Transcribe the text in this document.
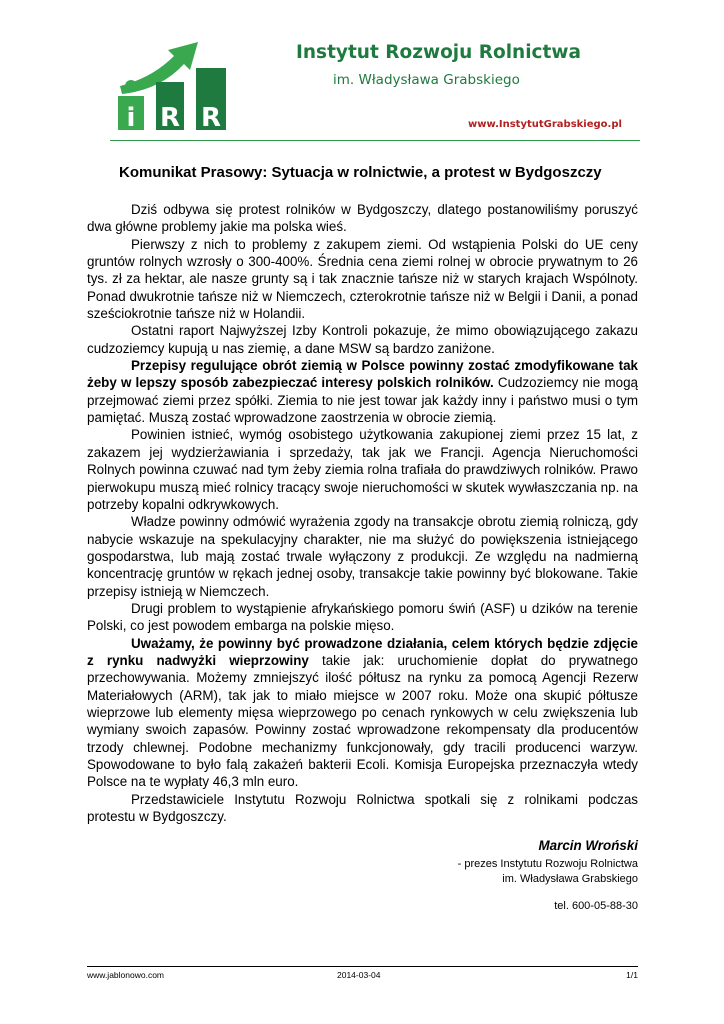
i R R
Instytut Rozwoju Rolnictwa
im. Władysława Grabskiego
www.InstytutGrabskiego.pl
Komunikat Prasowy: Sytuacja w rolnictwie, a protest w Bydgoszczy

Dziś odbywa się protest rolników w Bydgoszczy, dlatego postanowiliśmy poruszyć dwa główne problemy jakie ma polska wieś.

Pierwszy z nich to problemy z zakupem ziemi. Od wstąpienia Polski do UE ceny gruntów rolnych wzrosły o 300-400%. Średnia cena ziemi rolnej w obrocie prywatnym to 26 tys. zł za hektar, ale nasze grunty są i tak znacznie tańsze niż w starych krajach Wspólnoty. Ponad dwukrotnie tańsze niż w Niemczech, czterokrotnie tańsze niż w Belgii i Danii, a ponad sześciokrotnie tańsze niż w Holandii.

Ostatni raport Najwyższej Izby Kontroli pokazuje, że mimo obowiązującego zakazu cudzoziemcy kupują u nas ziemię, a dane MSW są bardzo zaniżone.

Przepisy regulujące obrót ziemią w Polsce powinny zostać zmodyfikowane tak żeby w lepszy sposób zabezpieczać interesy polskich rolników. Cudzoziemcy nie mogą przejmować ziemi przez spółki. Ziemia to nie jest towar jak każdy inny i państwo musi o tym pamiętać. Muszą zostać wprowadzone zaostrzenia w obrocie ziemią.

Powinien istnieć, wymóg osobistego użytkowania zakupionej ziemi przez 15 lat, z zakazem jej wydzierżawiania i sprzedaży, tak jak we Francji. Agencja Nieruchomości Rolnych powinna czuwać nad tym żeby ziemia rolna trafiała do prawdziwych rolników. Prawo pierwokupu muszą mieć rolnicy tracący swoje nieruchomości w skutek wywłaszczania np. na potrzeby kopalni odkrywkowych.

Władze powinny odmówić wyrażenia zgody na transakcje obrotu ziemią rolniczą, gdy nabycie wskazuje na spekulacyjny charakter, nie ma służyć do powiększenia istniejącego gospodarstwa, lub mają zostać trwale wyłączony z produkcji. Ze względu na nadmierną koncentrację gruntów w rękach jednej osoby, transakcje takie powinny być blokowane. Takie przepisy istnieją w Niemczech.

Drugi problem to wystąpienie afrykańskiego pomoru świń (ASF) u dzików na terenie Polski, co jest powodem embarga na polskie mięso.

Uważamy, że powinny być prowadzone działania, celem których będzie zdjęcie z rynku nadwyżki wieprzowiny takie jak: uruchomienie dopłat do prywatnego przechowywania. Możemy zmniejszyć ilość półtusz na rynku za pomocą Agencji Rezerw Materiałowych (ARM), tak jak to miało miejsce w 2007 roku. Może ona skupić półtusze wieprzowe lub elementy mięsa wieprzowego po cenach rynkowych w celu zwiększenia lub wymiany swoich zapasów. Powinny zostać wprowadzone rekompensaty dla producentów trzody chlewnej. Podobne mechanizmy funkcjonowały, gdy tracili producenci warzyw. Spowodowane to było falą zakażeń bakterii Ecoli. Komisja Europejska przeznaczyła wtedy Polsce na te wypłaty 46,3 mln euro.

Przedstawiciele Instytutu Rozwoju Rolnictwa spotkali się z rolnikami podczas protestu w Bydgoszczy.

Marcin Wroński
- prezes Instytutu Rozwoju Rolnictwa
im. Władysława Grabskiego
tel. 600-05-88-30
www.jablonowo.com	2014-03-04	1/1
